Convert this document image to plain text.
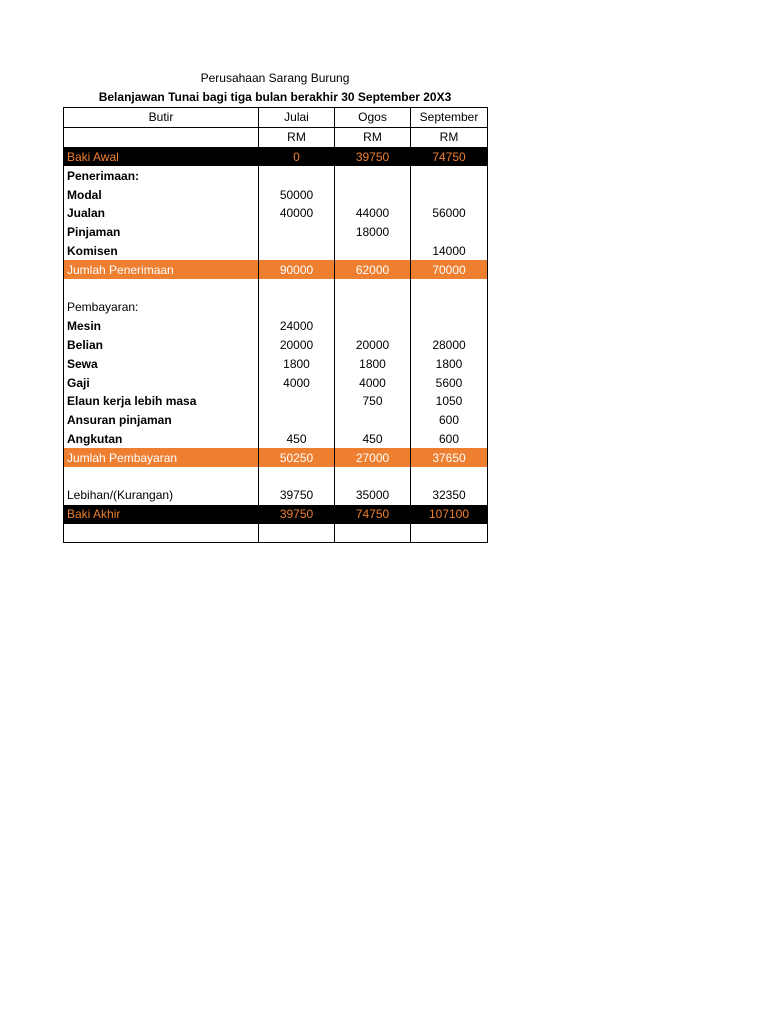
Perusahaan Sarang Burung
Belanjawan Tunai bagi tiga bulan berakhir 30 September 20X3
Butir	Julai	Ogos	September
	RM	RM	RM
Baki Awal	0	39750	74750
Penerimaan:			
Modal	50000		
Jualan	40000	44000	56000
Pinjaman		18000	
Komisen			14000
Jumlah Penerimaan	90000	62000	70000

Pembayaran:			
Mesin	24000		
Belian	20000	20000	28000
Sewa	1800	1800	1800
Gaji	4000	4000	5600
Elaun kerja lebih masa		750	1050
Ansuran pinjaman			600
Angkutan	450	450	600
Jumlah Pembayaran	50250	27000	37650

Lebihan/(Kurangan)	39750	35000	32350
Baki Akhir	39750	74750	107100
